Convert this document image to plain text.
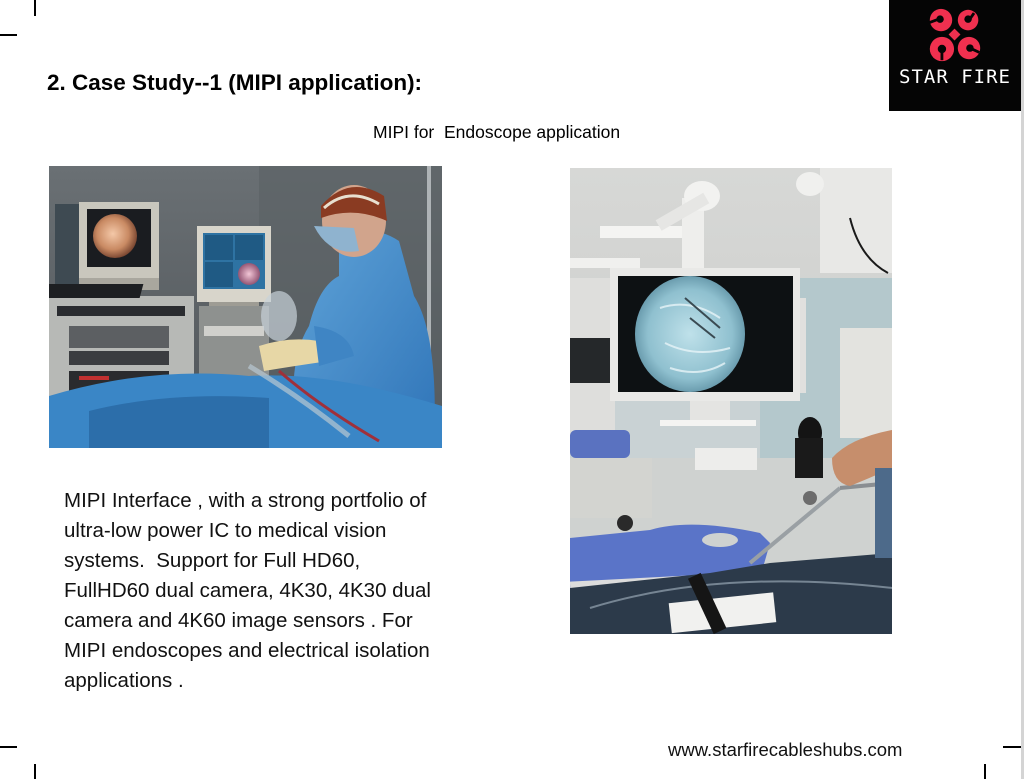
STAR FIRE
2. Case Study--1 (MIPI application):
MIPI for  Endoscope application
MIPI Interface , with a strong portfolio of
ultra-low power IC to medical vision
systems.  Support for Full HD60,
FullHD60 dual camera, 4K30, 4K30 dual
camera and 4K60 image sensors . For
MIPI endoscopes and electrical isolation
applications .
www.starfirecableshubs.com
